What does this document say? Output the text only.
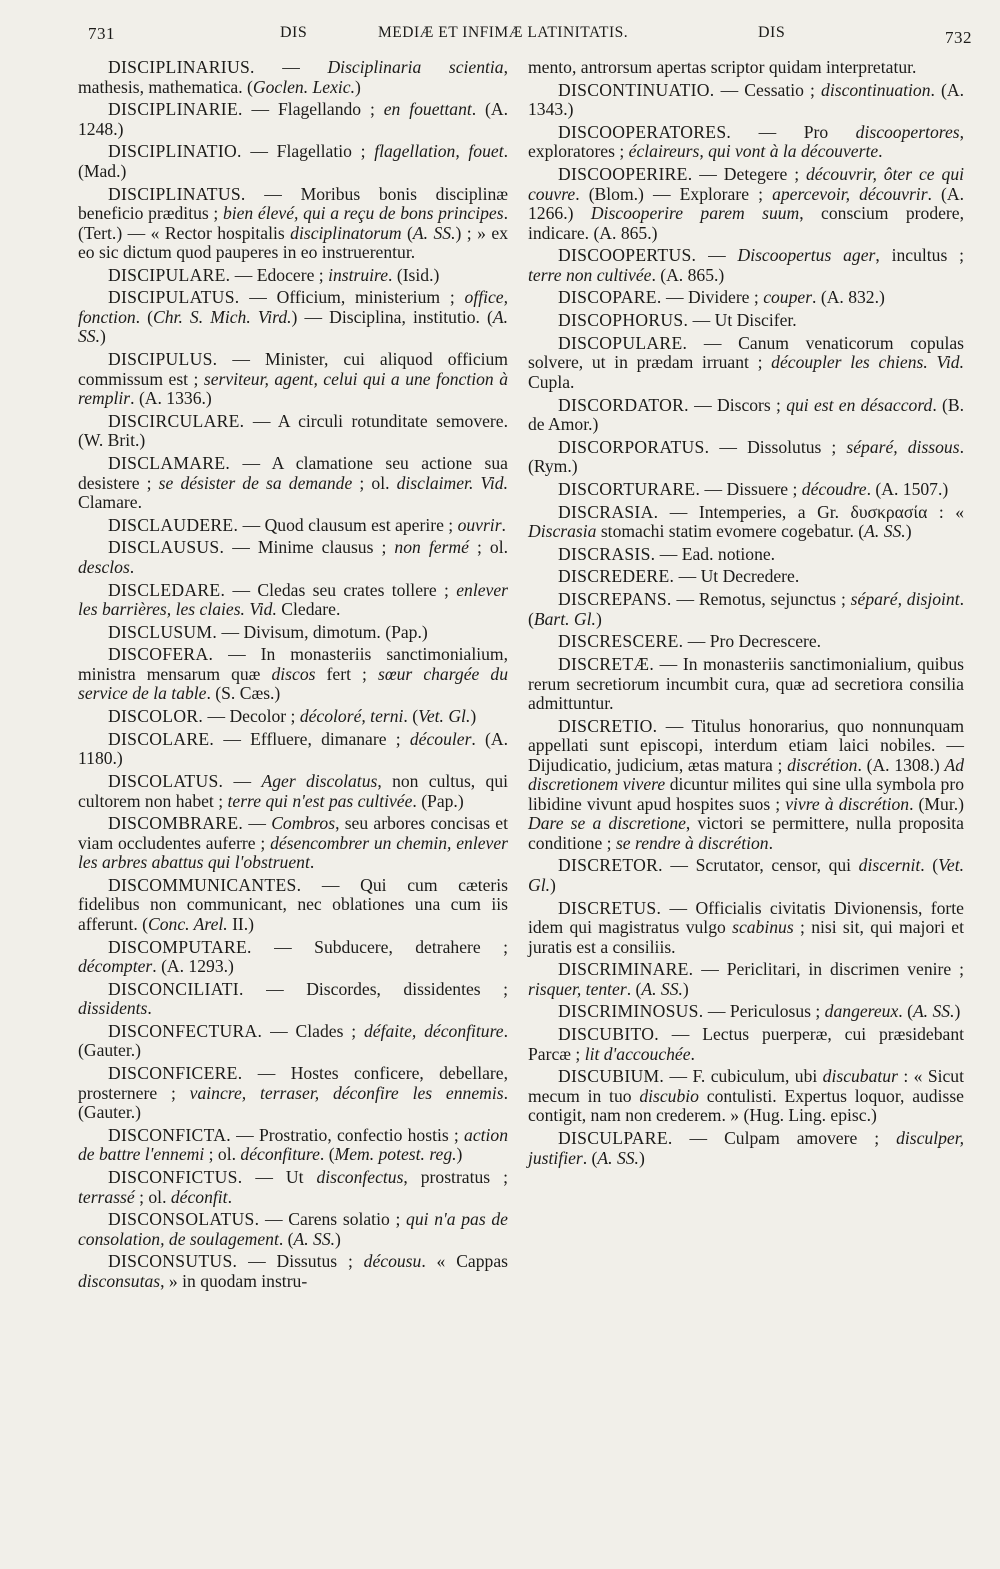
731	DIS	MEDIÆ ET INFIMÆ LATINITATIS.	DIS	732

DISCIPLINARIUS. — Disciplinaria scientia, mathesis, mathematica. (Goclen. Lexic.)

DISCIPLINARIE. — Flagellando ; en fouettant. (A. 1248.)

DISCIPLINATIO. — Flagellatio ; flagellation, fouet. (Mad.)

DISCIPLINATUS. — Moribus bonis disciplinæ beneficio præditus ; bien élevé, qui a reçu de bons principes. (Tert.) — « Rector hospitalis disciplinatorum (A. SS.) ; » ex eo sic dictum quod pauperes in eo instruerentur.

DISCIPULARE. — Edocere ; instruire. (Isid.)

DISCIPULATUS. — Officium, ministerium ; office, fonction. (Chr. S. Mich. Vird.) — Disciplina, institutio. (A. SS.)

DISCIPULUS. — Minister, cui aliquod officium commissum est ; serviteur, agent, celui qui a une fonction à remplir. (A. 1336.)

DISCIRCULARE. — A circuli rotunditate semovere. (W. Brit.)

DISCLAMARE. — A clamatione seu actione sua desistere ; se désister de sa demande ; ol. disclaimer. Vid. Clamare.

DISCLAUDERE. — Quod clausum est aperire ; ouvrir.

DISCLAUSUS. — Minime clausus ; non fermé ; ol. desclos.

DISCLEDARE. — Cledas seu crates tollere ; enlever les barrières, les claies. Vid. Cledare.

DISCLUSUM. — Divisum, dimotum. (Pap.)

DISCOFERA. — In monasteriis sanctimonialium, ministra mensarum quæ discos fert ; sœur chargée du service de la table. (S. Cæs.)

DISCOLOR. — Decolor ; décoloré, terni. (Vet. Gl.)

DISCOLARE. — Effluere, dimanare ; découler. (A. 1180.)

DISCOLATUS. — Ager discolatus, non cultus, qui cultorem non habet ; terre qui n'est pas cultivée. (Pap.)

DISCOMBRARE. — Combros, seu arbores concisas et viam occludentes auferre ; désencombrer un chemin, enlever les arbres abattus qui l'obstruent.

DISCOMMUNICANTES. — Qui cum cæteris fidelibus non communicant, nec oblationes una cum iis afferunt. (Conc. Arel. II.)

DISCOMPUTARE. — Subducere, detrahere ; décompter. (A. 1293.)

DISCONCILIATI. — Discordes, dissidentes ; dissidents.

DISCONFECTURA. — Clades ; défaite, déconfiture. (Gauter.)

DISCONFICERE. — Hostes conficere, debellare, prosternere ; vaincre, terraser, déconfire les ennemis. (Gauter.)

DISCONFICTA. — Prostratio, confectio hostis ; action de battre l'ennemi ; ol. déconfiture. (Mem. potest. reg.)

DISCONFICTUS. — Ut disconfectus, prostratus ; terrassé ; ol. déconfit.

DISCONSOLATUS. — Carens solatio ; qui n'a pas de consolation, de soulagement. (A. SS.)

DISCONSUTUS. — Dissutus ; décousu. « Cappas disconsutas, » in quodam instru-

mento, antrorsum apertas scriptor quidam interpretatur.

DISCONTINUATIO. — Cessatio ; discontinuation. (A. 1343.)

DISCOOPERATORES. — Pro discoopertores, exploratores ; éclaireurs, qui vont à la découverte.

DISCOOPERIRE. — Detegere ; découvrir, ôter ce qui couvre. (Blom.) — Explorare ; apercevoir, découvrir. (A. 1266.) Discooperire parem suum, conscium prodere, indicare. (A. 865.)

DISCOOPERTUS. — Discoopertus ager, incultus ; terre non cultivée. (A. 865.)

DISCOPARE. — Dividere ; couper. (A. 832.)

DISCOPHORUS. — Ut Discifer.

DISCOPULARE. — Canum venaticorum copulas solvere, ut in prædam irruant ; découpler les chiens. Vid. Cupla.

DISCORDATOR. — Discors ; qui est en désaccord. (B. de Amor.)

DISCORPORATUS. — Dissolutus ; séparé, dissous. (Rym.)

DISCORTURARE. — Dissuere ; découdre. (A. 1507.)

DISCRASIA. — Intemperies, a Gr. δυσκρασία : « Discrasia stomachi statim evomere cogebatur. (A. SS.)

DISCRASIS. — Ead. notione.

DISCREDERE. — Ut Decredere.

DISCREPANS. — Remotus, sejunctus ; séparé, disjoint. (Bart. Gl.)

DISCRESCERE. — Pro Decrescere.

DISCRETÆ. — In monasteriis sanctimonialium, quibus rerum secretiorum incumbit cura, quæ ad secretiora consilia admittuntur.

DISCRETIO. — Titulus honorarius, quo nonnunquam appellati sunt episcopi, interdum etiam laici nobiles. — Dijudicatio, judicium, ætas matura ; discrétion. (A. 1308.) Ad discretionem vivere dicuntur milites qui sine ulla symbola pro libidine vivunt apud hospites suos ; vivre à discrétion. (Mur.) Dare se a discretione, victori se permittere, nulla proposita conditione ; se rendre à discrétion.

DISCRETOR. — Scrutator, censor, qui discernit. (Vet. Gl.)

DISCRETUS. — Officialis civitatis Divionensis, forte idem qui magistratus vulgo scabinus ; nisi sit, qui majori et juratis est a consiliis.

DISCRIMINARE. — Periclitari, in discrimen venire ; risquer, tenter. (A. SS.)

DISCRIMINOSUS. — Periculosus ; dangereux. (A. SS.)

DISCUBITO. — Lectus puerperæ, cui præsidebant Parcæ ; lit d'accouchée.

DISCUBIUM. — F. cubiculum, ubi discubatur : « Sicut mecum in tuo discubio contulisti. Expertus loquor, audisse contigit, nam non crederem. » (Hug. Ling. episc.)

DISCULPARE. — Culpam amovere ; disculper, justifier. (A. SS.)
